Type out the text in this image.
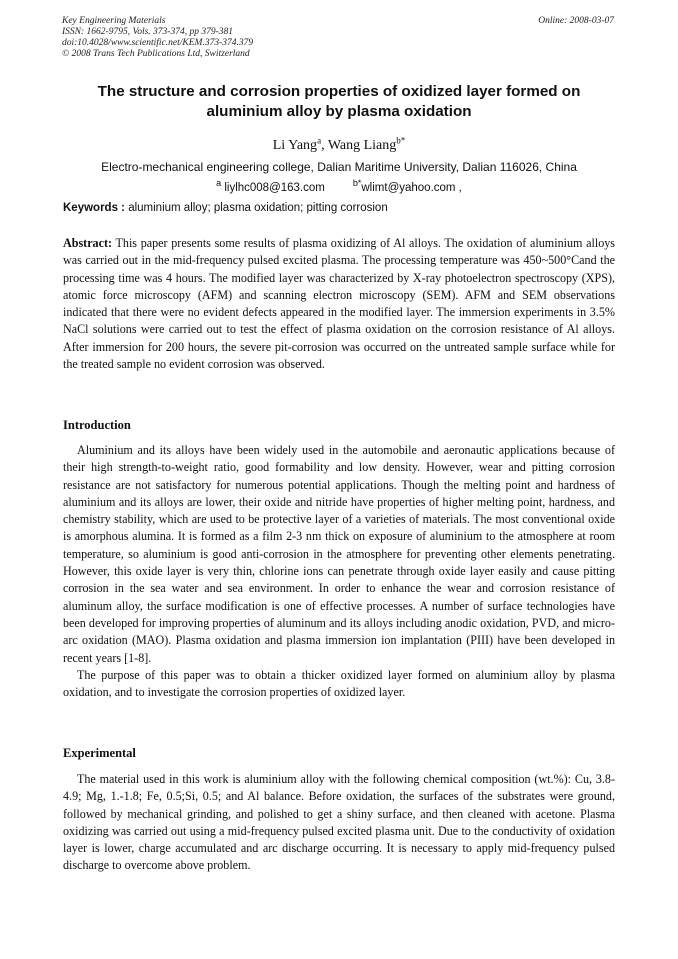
Key Engineering Materials
ISSN: 1662-9795, Vols. 373-374, pp 379-381
doi:10.4028/www.scientific.net/KEM.373-374.379
© 2008 Trans Tech Publications Ltd, Switzerland
Online: 2008-03-07
The structure and corrosion properties of oxidized layer formed on aluminium alloy by plasma oxidation
Li Yang$^a$, Wang Liang$^{b*}$
Electro-mechanical engineering college, Dalian Maritime University, Dalian 116026, China
$^a$ liylhc008@163.com	$^{b*}$wlimt@yahoo.com ,
Keywords : aluminium alloy; plasma oxidation; pitting corrosion
Abstract: This paper presents some results of plasma oxidizing of Al alloys. The oxidation of aluminium alloys was carried out in the mid-frequency pulsed excited plasma. The processing temperature was 450~500°Cand the processing time was 4 hours. The modified layer was characterized by X-ray photoelectron spectroscopy (XPS), atomic force microscopy (AFM) and scanning electron microscopy (SEM). AFM and SEM observations indicated that there were no evident defects appeared in the modified layer. The immersion experiments in 3.5% NaCl solutions were carried out to test the effect of plasma oxidation on the corrosion resistance of Al alloys. After immersion for 200 hours, the severe pit-corrosion was occurred on the untreated sample surface while for the treated sample no evident corrosion was observed.
Introduction

Aluminium and its alloys have been widely used in the automobile and aeronautic applications because of their high strength-to-weight ratio, good formability and low density. However, wear and pitting corrosion resistance are not satisfactory for numerous potential applications. Though the melting point and hardness of aluminium and its alloys are lower, their oxide and nitride have properties of higher melting point, hardness, and chemistry stability, which are used to be protective layer of a varieties of materials. The most conventional oxide is amorphous alumina. It is formed as a film 2-3 nm thick on exposure of aluminium to the atmosphere at room temperature, so aluminium is good anti-corrosion in the atmosphere for preventing other elements penetrating. However, this oxide layer is very thin, chlorine ions can penetrate through oxide layer easily and cause pitting corrosion in the sea water and sea environment. In order to enhance the wear and corrosion resistance of aluminum alloy, the surface modification is one of effective processes. A number of surface technologies have been developed for improving properties of aluminum and its alloys including anodic oxidation, PVD, and micro-arc oxidation (MAO). Plasma oxidation and plasma immersion ion implantation (PIII) have been developed in recent years [1-8].

The purpose of this paper was to obtain a thicker oxidized layer formed on aluminium alloy by plasma oxidation, and to investigate the corrosion properties of oxidized layer.

Experimental

The material used in this work is aluminium alloy with the following chemical composition (wt.%): Cu, 3.8-4.9; Mg, 1.-1.8; Fe, 0.5;Si, 0.5; and Al balance. Before oxidation, the surfaces of the substrates were ground, followed by mechanical grinding, and polished to get a shiny surface, and then cleaned with acetone. Plasma oxidizing was carried out using a mid-frequency pulsed excited plasma unit. Due to the conductivity of oxidation layer is lower, charge accumulated and arc discharge occurring. It is necessary to apply mid-frequency pulsed discharge to overcome above problem.
